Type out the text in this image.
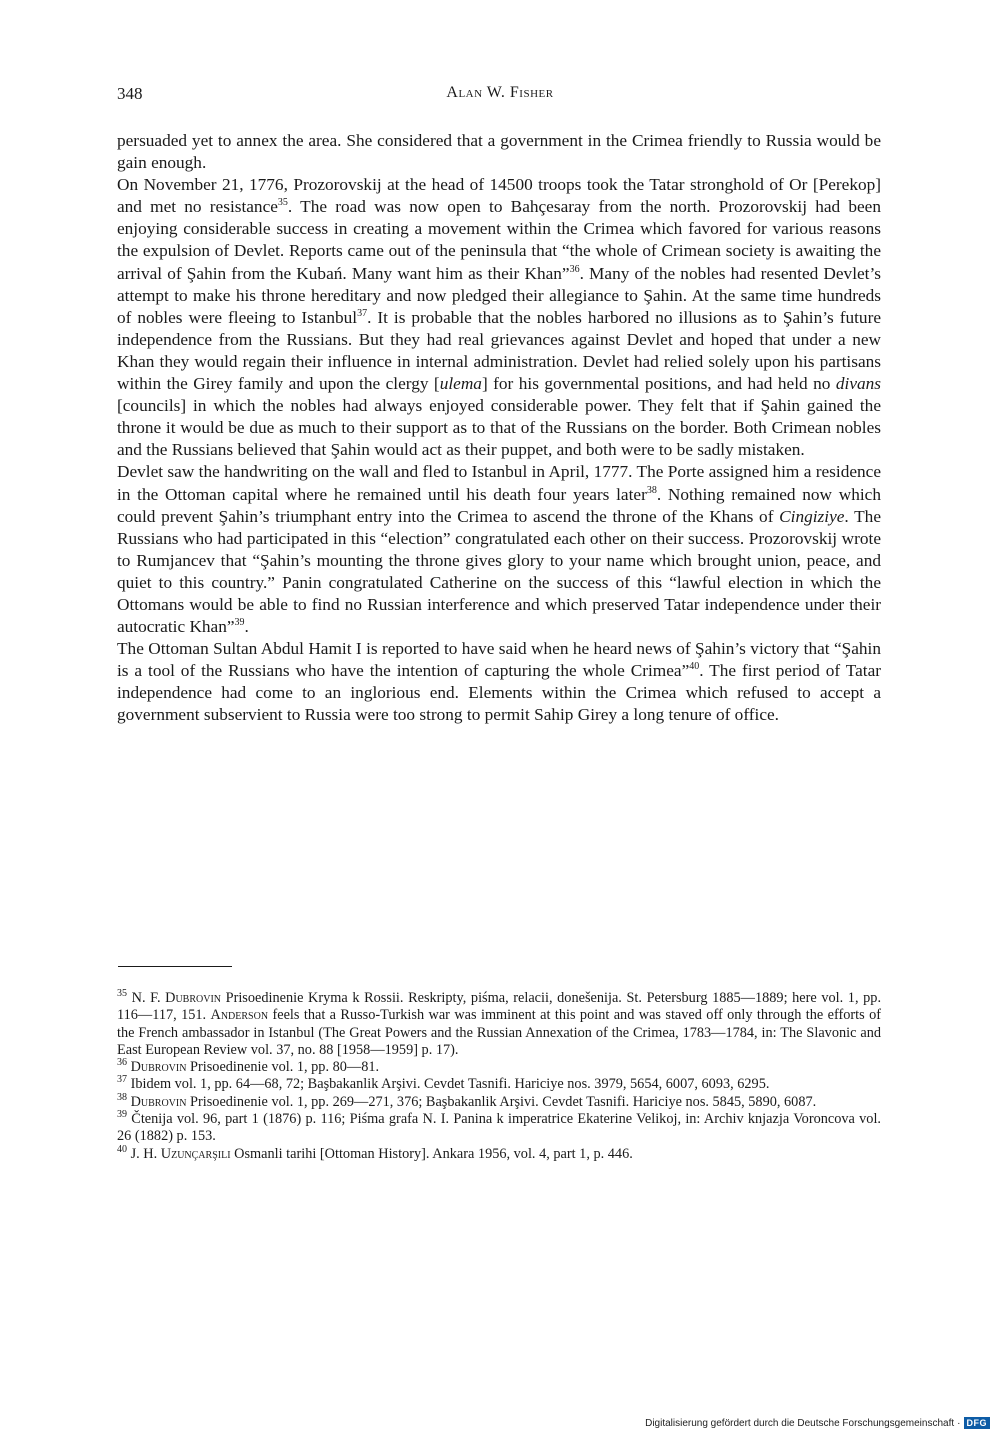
348	Alan W. Fisher

persuaded yet to annex the area. She considered that a government in the Crimea friendly to Russia would be gain enough.

On November 21, 1776, Prozorovskij at the head of 14500 troops took the Tatar stronghold of Or [Perekop] and met no resistance$^{35}$. The road was now open to Bahçesaray from the north. Prozorovskij had been enjoying considerable success in creating a movement within the Crimea which favored for various reasons the expulsion of Devlet. Reports came out of the peninsula that “the whole of Crimean society is awaiting the arrival of Şahin from the Kubań. Many want him as their Khan”$^{36}$. Many of the nobles had resented Devlet’s attempt to make his throne hereditary and now pledged their allegiance to Şahin. At the same time hundreds of nobles were fleeing to Istanbul$^{37}$. It is probable that the nobles harbored no illusions as to Şahin’s future independence from the Russians. But they had real grievances against Devlet and hoped that under a new Khan they would regain their influence in internal administration. Devlet had relied solely upon his partisans within the Girey family and upon the clergy [ulema] for his governmental positions, and had held no divans [councils] in which the nobles had always enjoyed considerable power. They felt that if Şahin gained the throne it would be due as much to their support as to that of the Russians on the border. Both Crimean nobles and the Russians believed that Şahin would act as their puppet, and both were to be sadly mistaken.

Devlet saw the handwriting on the wall and fled to Istanbul in April, 1777. The Porte assigned him a residence in the Ottoman capital where he remained until his death four years later$^{38}$. Nothing remained now which could prevent Şahin’s triumphant entry into the Crimea to ascend the throne of the Khans of Cingiziye. The Russians who had participated in this “election” congratulated each other on their success. Prozorovskij wrote to Rumjancev that “Şahin’s mounting the throne gives glory to your name which brought union, peace, and quiet to this country.” Panin congratulated Catherine on the success of this “lawful election in which the Ottomans would be able to find no Russian interference and which preserved Tatar independence under their autocratic Khan”$^{39}$.

The Ottoman Sultan Abdul Hamit I is reported to have said when he heard news of Şahin’s victory that “Şahin is a tool of the Russians who have the intention of capturing the whole Crimea”$^{40}$. The first period of Tatar independence had come to an inglorious end. Elements within the Crimea which refused to accept a government subservient to Russia were too strong to permit Sahip Girey a long tenure of office.

$^{35}$ N. F. Dubrovin Prisoedinenie Kryma k Rossii. Reskripty, piśma, relacii, donešenija. St. Petersburg 1885—1889; here vol. 1, pp. 116—117, 151. Anderson feels that a Russo-Turkish war was imminent at this point and was staved off only through the efforts of the French ambassador in Istanbul (The Great Powers and the Russian Annexation of the Crimea, 1783—1784, in: The Slavonic and East European Review vol. 37, no. 88 [1958—1959] p. 17).

$^{36}$ Dubrovin Prisoedinenie vol. 1, pp. 80—81.

$^{37}$ Ibidem vol. 1, pp. 64—68, 72; Başbakanlik Arşivi. Cevdet Tasnifi. Hariciye nos. 3979, 5654, 6007, 6093, 6295.

$^{38}$ Dubrovin Prisoedinenie vol. 1, pp. 269—271, 376; Başbakanlik Arşivi. Cevdet Tasnifi. Hariciye nos. 5845, 5890, 6087.

$^{39}$ Čtenija vol. 96, part 1 (1876) p. 116; Piśma grafa N. I. Panina k imperatrice Ekaterine Velikoj, in: Archiv knjazja Voroncova vol. 26 (1882) p. 153.

$^{40}$ J. H. Uzunçarşili Osmanli tarihi [Ottoman History]. Ankara 1956, vol. 4, part 1, p. 446.

Digitalisierung gefördert durch die Deutsche Forschungsgemeinschaft · DFG
